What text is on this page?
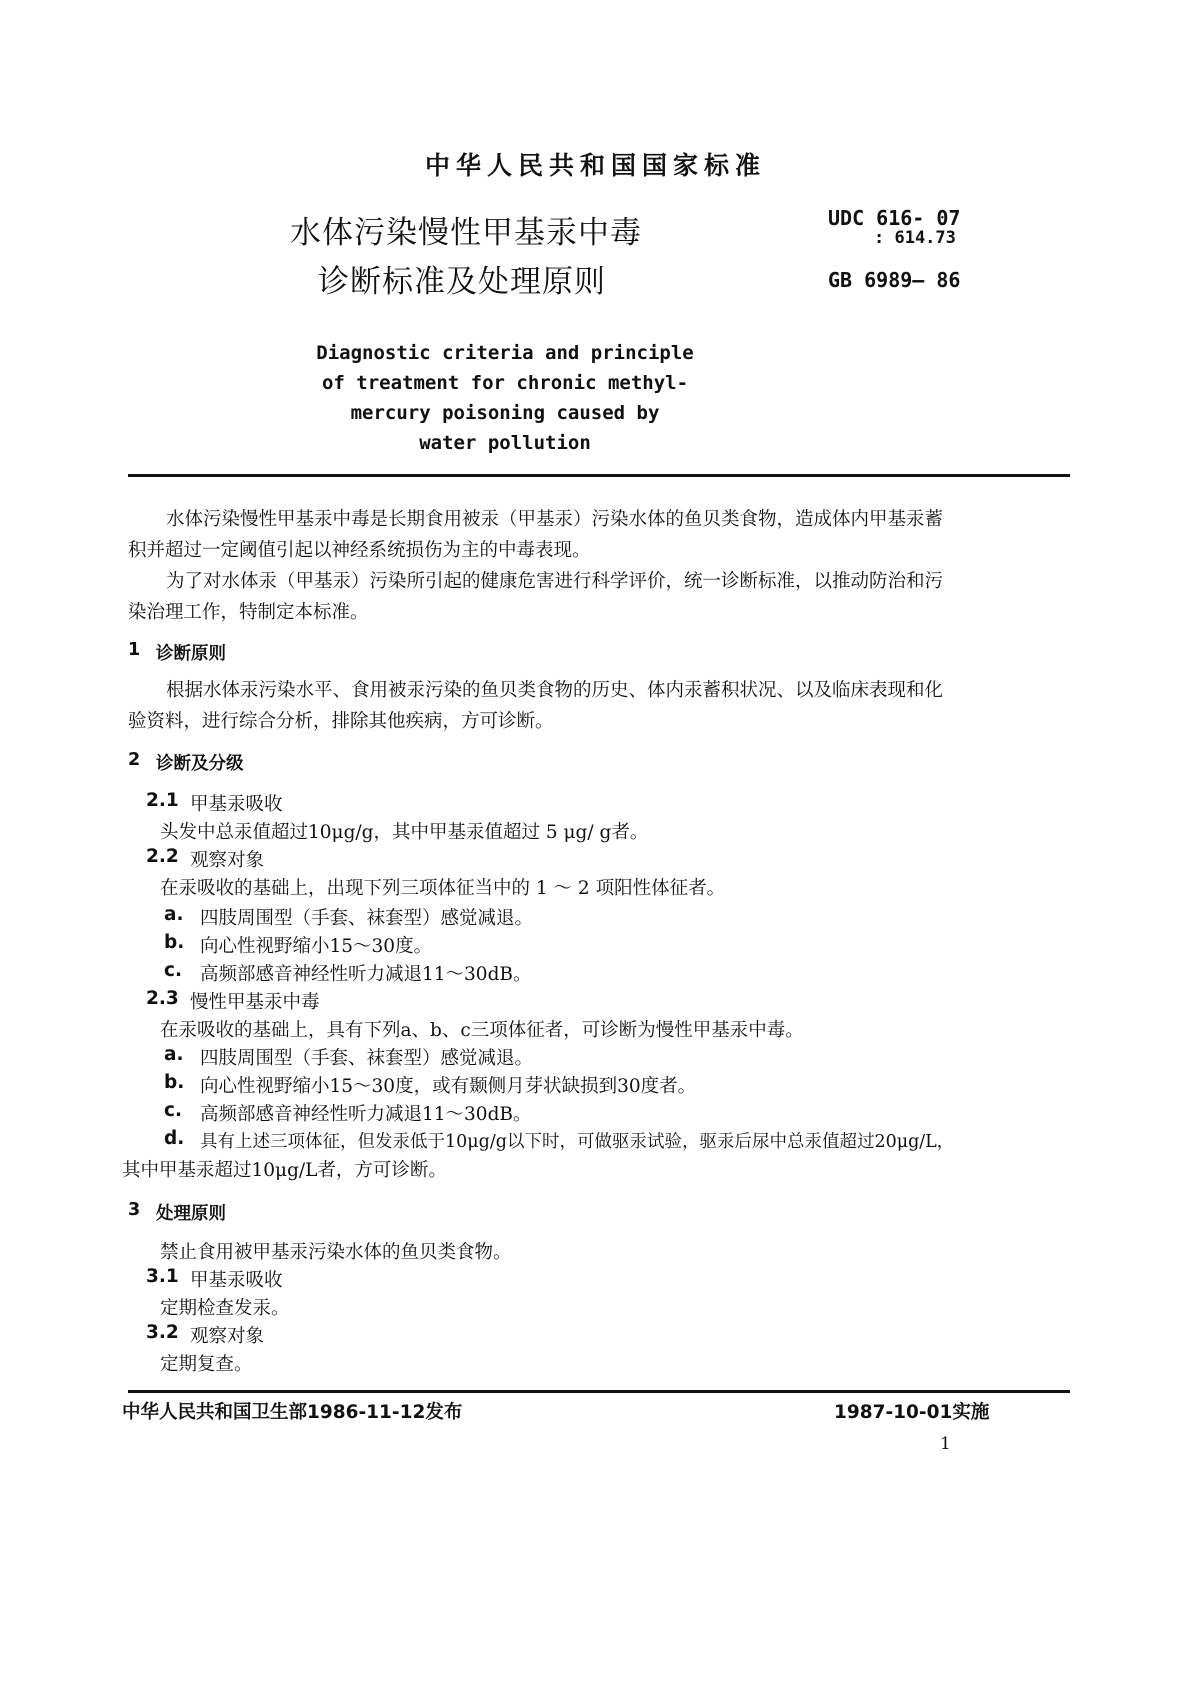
中华人民共和国国家标准
水体污染慢性甲基汞中毒
诊断标准及处理原则
UDC 616- 07
: 614.73
GB 6989— 86
Diagnostic criteria and principle
of treatment for chronic methyl-
mercury poisoning caused by
water pollution
水体污染慢性甲基汞中毒是长期食用被汞（甲基汞）污染水体的鱼贝类食物，造成体内甲基汞蓄
积并超过一定阈值引起以神经系统损伤为主的中毒表现。
为了对水体汞（甲基汞）污染所引起的健康危害进行科学评价，统一诊断标准，以推动防治和污
染治理工作，特制定本标准。
1 诊断原则
根据水体汞污染水平、食用被汞污染的鱼贝类食物的历史、体内汞蓄积状况、以及临床表现和化
验资料，进行综合分析，排除其他疾病，方可诊断。
2 诊断及分级
2.1 甲基汞吸收
头发中总汞值超过10μg/g，其中甲基汞值超过 5 μg/ g者。
2.2 观察对象
在汞吸收的基础上，出现下列三项体征当中的 1 ～ 2 项阳性体征者。
a. 四肢周围型（手套、袜套型）感觉减退。
b. 向心性视野缩小15～30度。
c. 高频部感音神经性听力减退11～30dB。
2.3 慢性甲基汞中毒
在汞吸收的基础上，具有下列a、b、c三项体征者，可诊断为慢性甲基汞中毒。
a. 四肢周围型（手套、袜套型）感觉减退。
b. 向心性视野缩小15～30度，或有颞侧月芽状缺损到30度者。
c. 高频部感音神经性听力减退11～30dB。
d. 具有上述三项体征，但发汞低于10μg/g以下时，可做驱汞试验，驱汞后尿中总汞值超过20μg/L，
其中甲基汞超过10μg/L者，方可诊断。
3 处理原则
禁止食用被甲基汞污染水体的鱼贝类食物。
3.1 甲基汞吸收
定期检查发汞。
3.2 观察对象
定期复查。
中华人民共和国卫生部1986-11-12发布	1987-10-01实施
1
